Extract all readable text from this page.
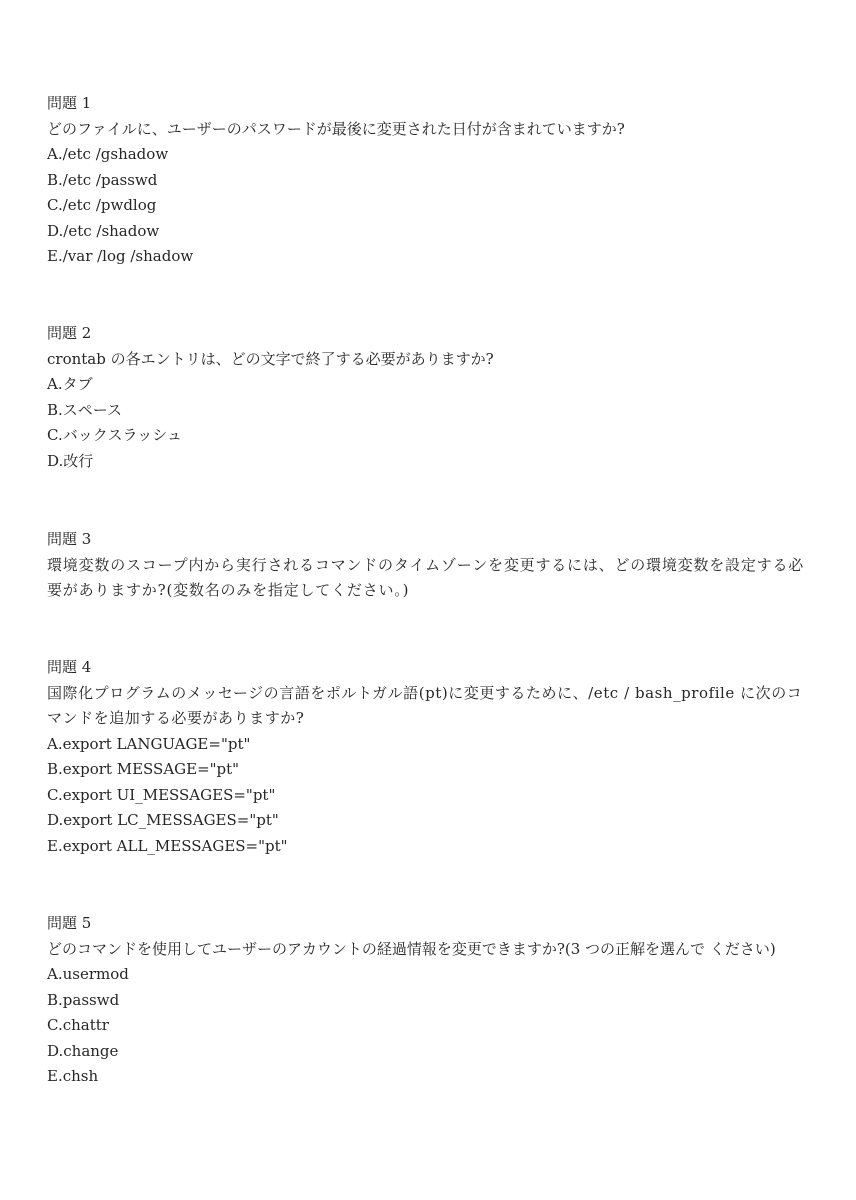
問題 1

どのファイルに、ユーザーのパスワードが最後に変更された日付が含まれていますか?

A./etc /gshadow
B./etc /passwd
C./etc /pwdlog
D./etc /shadow
E./var /log /shadow

問題 2

crontab の各エントリは、どの文字で終了する必要がありますか?

A.タブ
B.スペース
C.バックスラッシュ
D.改行

問題 3

環境変数のスコープ内から実行されるコマンドのタイムゾーンを変更するには、どの環境変数を設定する必要がありますか?(変数名のみを指定してください。)

問題 4

国際化プログラムのメッセージの言語をポルトガル語(pt)に変更するために、/etc / bash_profile に次のコマンドを追加する必要がありますか?

A.export LANGUAGE="pt"
B.export MESSAGE="pt"
C.export UI_MESSAGES="pt"
D.export LC_MESSAGES="pt"
E.export ALL_MESSAGES="pt"

問題 5

どのコマンドを使用してユーザーのアカウントの経過情報を変更できますか?(3 つの正解を選んで ください)

A.usermod
B.passwd
C.chattr
D.change
E.chsh
